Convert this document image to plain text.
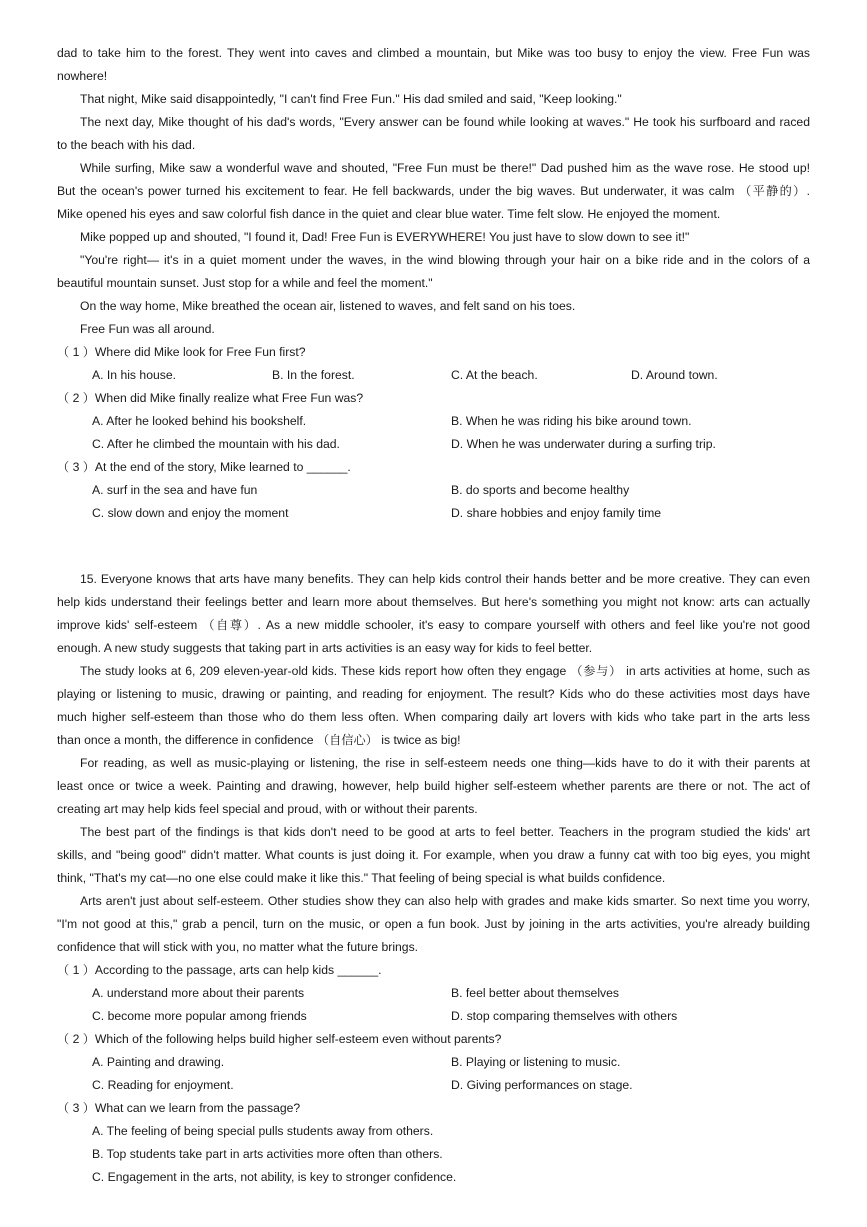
dad to take him to the forest. They went into caves and climbed a mountain, but Mike was too busy to enjoy the view. Free Fun was
nowhere!
That night, Mike said disappointedly, "I can't find Free Fun." His dad smiled and said, "Keep looking."
The next day, Mike thought of his dad's words, "Every answer can be found while looking at waves." He took his surfboard and raced
to the beach with his dad.
While surfing, Mike saw a wonderful wave and shouted, "Free Fun must be there!" Dad pushed him as the wave rose. He stood up!
But the ocean's power turned his excitement to fear. He fell backwards, under the big waves. But underwater, it was calm （平静的）.
Mike opened his eyes and saw colorful fish dance in the quiet and clear blue water. Time felt slow. He enjoyed the moment.
Mike popped up and shouted, "I found it, Dad! Free Fun is EVERYWHERE! You just have to slow down to see it!"
"You're right— it's in a quiet moment under the waves, in the wind blowing through your hair on a bike ride and in the colors of a
beautiful mountain sunset. Just stop for a while and feel the moment."
On the way home, Mike breathed the ocean air, listened to waves, and felt sand on his toes.
Free Fun was all around.
（ 1 ）Where did Mike look for Free Fun first?
A. In his house.	B. In the forest.	C. At the beach.	D. Around town.
（ 2 ）When did Mike finally realize what Free Fun was?
A. After he looked behind his bookshelf.	B. When he was riding his bike around town.
C. After he climbed the mountain with his dad.	D. When he was underwater during a surfing trip.
（ 3 ）At the end of the story, Mike learned to ______.
A. surf in the sea and have fun	B. do sports and become healthy
C. slow down and enjoy the moment	D. share hobbies and enjoy family time
15. Everyone knows that arts have many benefits. They can help kids control their hands better and be more creative. They can even
help kids understand their feelings better and learn more about themselves. But here's something you might not know: arts can actually
improve kids' self-esteem （自尊）. As a new middle schooler, it's easy to compare yourself with others and feel like you're not good
enough. A new study suggests that taking part in arts activities is an easy way for kids to feel better.
The study looks at 6, 209 eleven-year-old kids. These kids report how often they engage （参与） in arts activities at home, such as
playing or listening to music, drawing or painting, and reading for enjoyment. The result? Kids who do these activities most days have
much higher self-esteem than those who do them less often. When comparing daily art lovers with kids who take part in the arts less
than once a month, the difference in confidence （自信心） is twice as big!
For reading, as well as music-playing or listening, the rise in self-esteem needs one thing—kids have to do it with their parents at
least once or twice a week. Painting and drawing, however, help build higher self-esteem whether parents are there or not. The act of
creating art may help kids feel special and proud, with or without their parents.
The best part of the findings is that kids don't need to be good at arts to feel better. Teachers in the program studied the kids' art
skills, and "being good" didn't matter. What counts is just doing it. For example, when you draw a funny cat with too big eyes, you might
think, "That's my cat—no one else could make it like this." That feeling of being special is what builds confidence.
Arts aren't just about self-esteem. Other studies show they can also help with grades and make kids smarter. So next time you worry,
"I'm not good at this," grab a pencil, turn on the music, or open a fun book. Just by joining in the arts activities, you're already building
confidence that will stick with you, no matter what the future brings.
（ 1 ）According to the passage, arts can help kids ______.
A. understand more about their parents	B. feel better about themselves
C. become more popular among friends	D. stop comparing themselves with others
（ 2 ）Which of the following helps build higher self-esteem even without parents?
A. Painting and drawing.	B. Playing or listening to music.
C. Reading for enjoyment.	D. Giving performances on stage.
（ 3 ）What can we learn from the passage?
A. The feeling of being special pulls students away from others.
B. Top students take part in arts activities more often than others.
C. Engagement in the arts, not ability, is key to stronger confidence.
